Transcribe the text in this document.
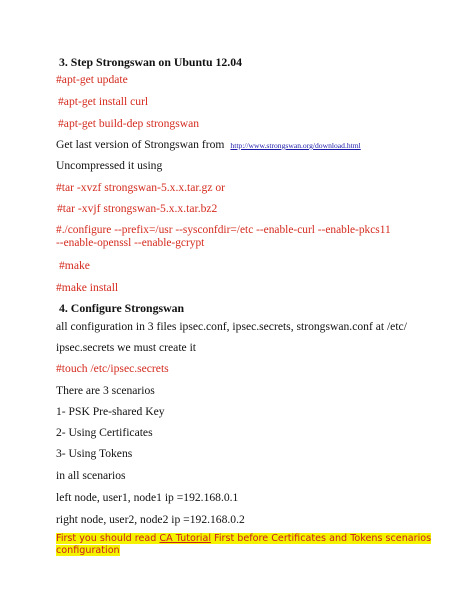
3. Step Strongswan on Ubuntu 12.04
#apt-get update
#apt-get install curl
#apt-get build-dep strongswan
Get last version of Strongswan from http://www.strongswan.org/download.html
Uncompressed it using
#tar -xvzf strongswan-5.x.x.tar.gz or
#tar -xvjf strongswan-5.x.x.tar.bz2
#./configure --prefix=/usr --sysconfdir=/etc --enable-curl --enable-pkcs11
--enable-openssl --enable-gcrypt
#make
#make install
4. Configure Strongswan
all configuration in 3 files ipsec.conf, ipsec.secrets, strongswan.conf at /etc/
ipsec.secrets we must create it
#touch /etc/ipsec.secrets
There are 3 scenarios
1- PSK Pre-shared Key
2- Using Certificates
3- Using Tokens
in all scenarios
left node, user1, node1 ip =192.168.0.1
right node, user2, node2 ip =192.168.0.2
First you should read CA Tutorial First before Certificates and Tokens scenarios
configuration
